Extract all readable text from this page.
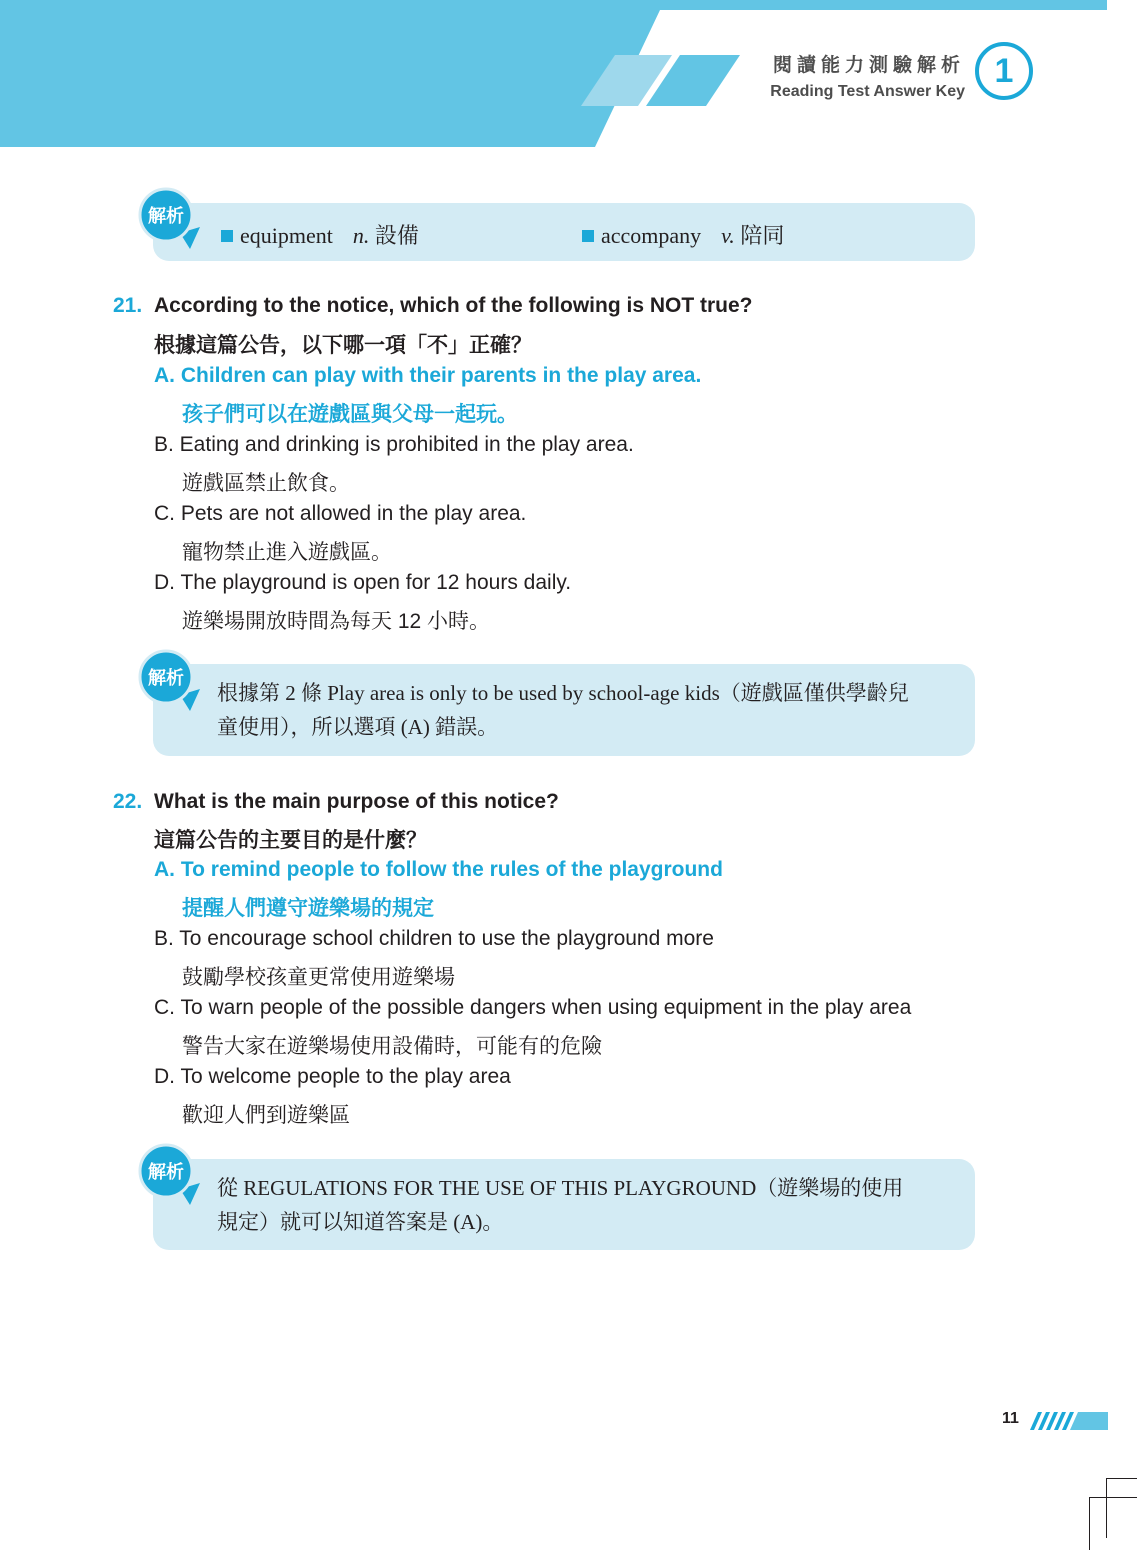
閱讀能力測驗解析
Reading Test Answer Key
1
解析
equipment n. 設備	accompany v. 陪同
21. According to the notice, which of the following is NOT true?
根據這篇公告，以下哪一項「不」正確？
A. Children can play with their parents in the play area.
孩子們可以在遊戲區與父母一起玩。
B. Eating and drinking is prohibited in the play area.
遊戲區禁止飲食。
C. Pets are not allowed in the play area.
寵物禁止進入遊戲區。
D. The playground is open for 12 hours daily.
遊樂場開放時間為每天 12 小時。
解析
根據第 2 條 Play area is only to be used by school-age kids（遊戲區僅供學齡兒
童使用），所以選項 (A) 錯誤。
22. What is the main purpose of this notice?
這篇公告的主要目的是什麼？
A. To remind people to follow the rules of the playground
提醒人們遵守遊樂場的規定
B. To encourage school children to use the playground more
鼓勵學校孩童更常使用遊樂場
C. To warn people of the possible dangers when using equipment in the play area
警告大家在遊樂場使用設備時，可能有的危險
D. To welcome people to the play area
歡迎人們到遊樂區
解析
從 REGULATIONS FOR THE USE OF THIS PLAYGROUND（遊樂場的使用
規定）就可以知道答案是 (A)。
11
